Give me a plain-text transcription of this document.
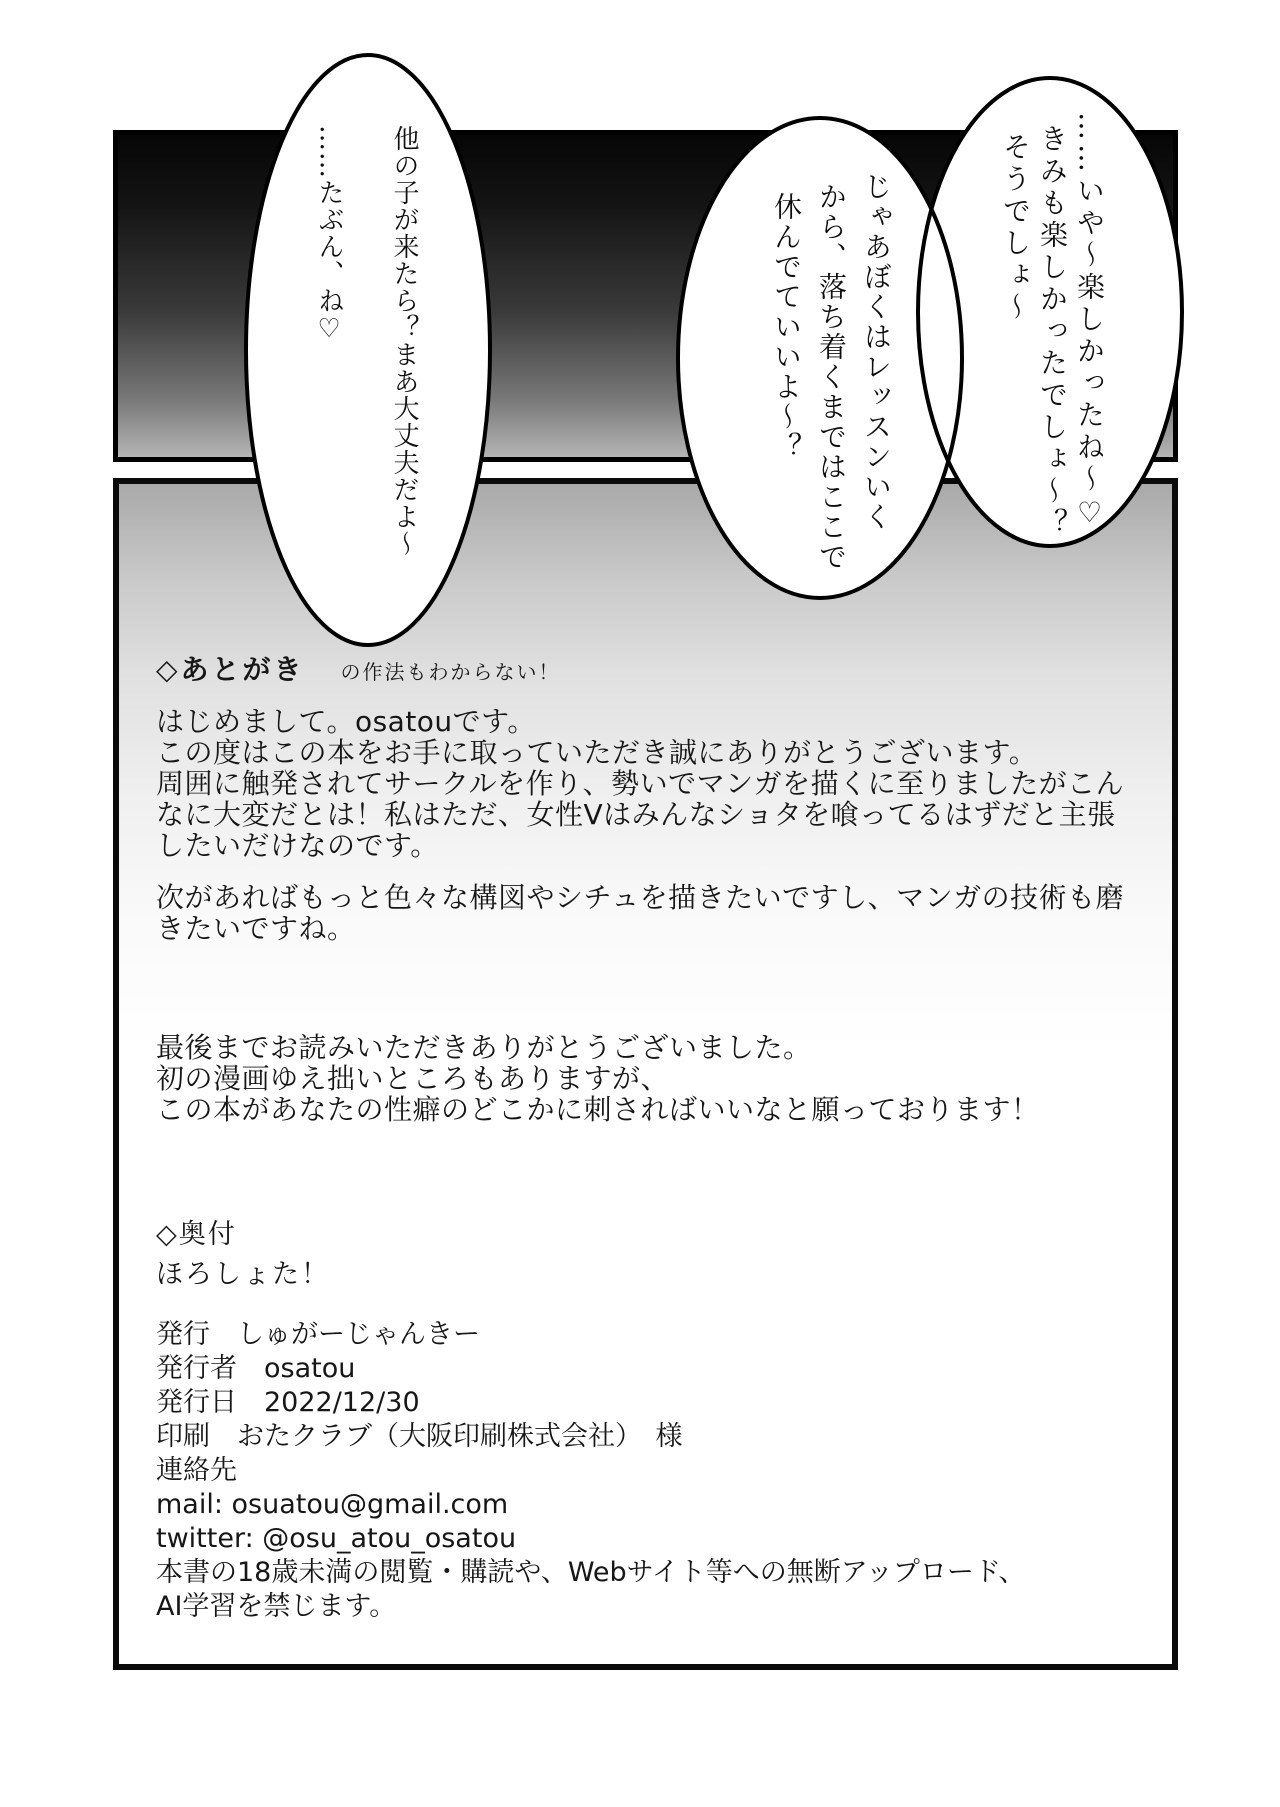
他の子が来たら？まあ大丈夫だよ～
……たぶん、ね♡	じゃあぼくはレッスンいく
から、落ち着くまではここで
休んでていいよ～？	……いや～楽しかったね～♡
きみも楽しかったでしょ～？
そうでしょ～
◇あとがき の作法もわからない！
はじめまして。osatouです。
この度はこの本をお手に取っていただき誠にありがとうございます。
周囲に触発されてサークルを作り、勢いでマンガを描くに至りましたがこん
なに大変だとは！私はただ、女性Vはみんなショタを喰ってるはずだと主張
したいだけなのです。
次があればもっと色々な構図やシチュを描きたいですし、マンガの技術も磨
きたいですね。
最後までお読みいただきありがとうございました。
初の漫画ゆえ拙いところもありますが、
この本があなたの性癖のどこかに刺さればいいなと願っております！
◇奥付
ほろしょた！
発行　しゅがーじゃんきー
発行者　osatou
発行日　2022/12/30
印刷　おたクラブ（大阪印刷株式会社）　様
連絡先
mail: osuatou@gmail.com
twitter: @osu_atou_osatou
本書の18歳未満の閲覧・購読や、Webサイト等への無断アップロード、
AI学習を禁じます。
